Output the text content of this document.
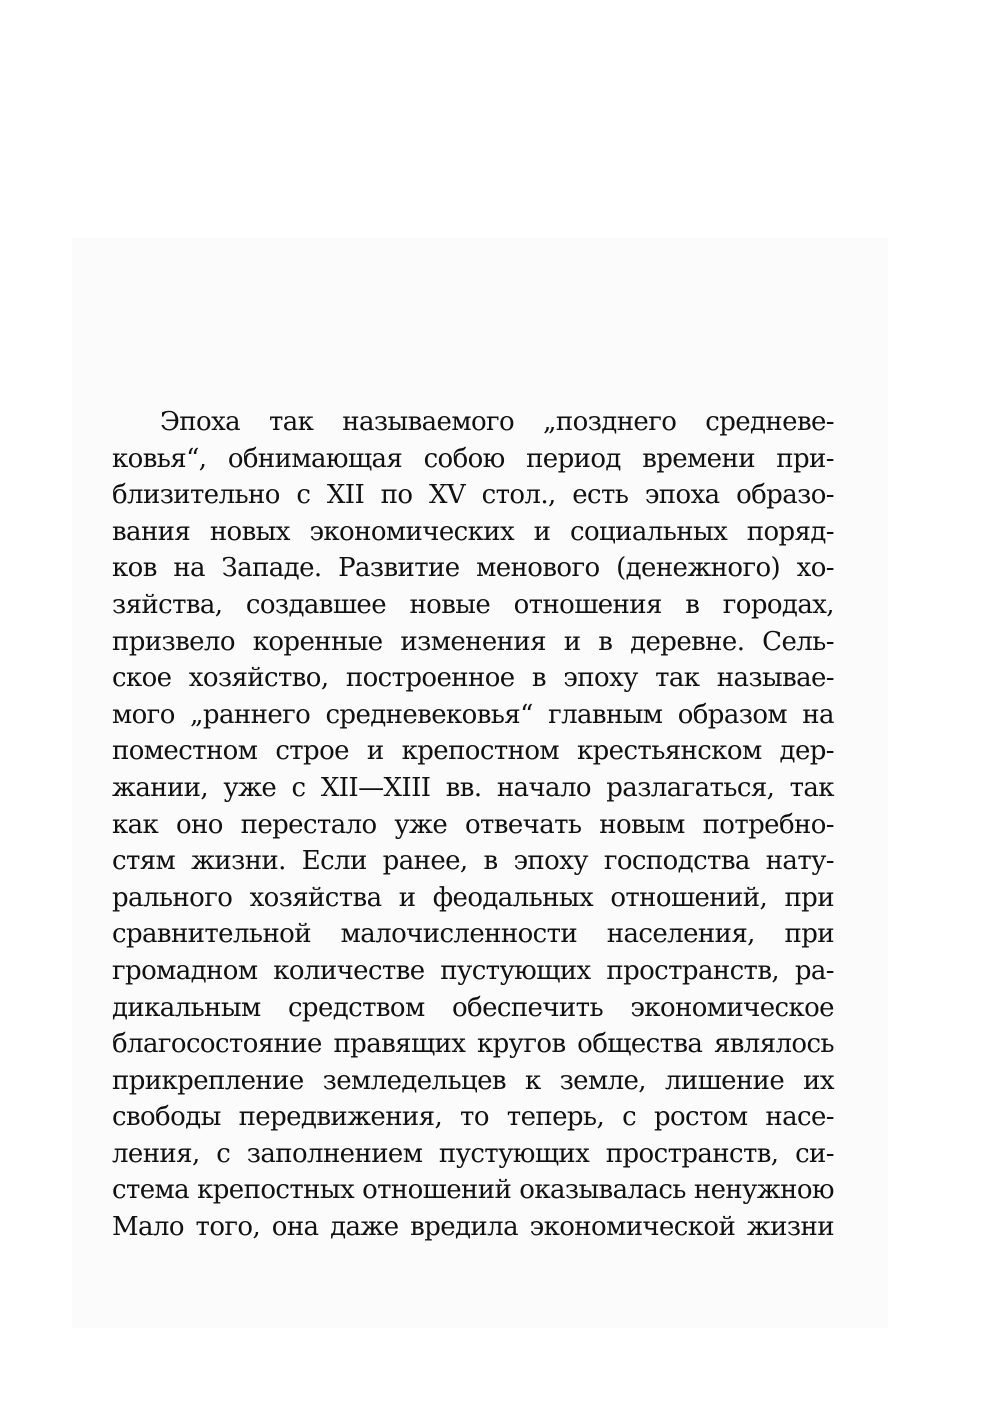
Эпоха так называемого „позднего средневе-
ковья“, обнимающая собою период времени при-
близительно с XII по XV стол., есть эпоха образо-
вания новых экономических и социальных поряд-
ков на Западе. Развитие менового (денежного) хо-
зяйства, создавшее новые отношения в городах,
призвело коренные изменения и в деревне. Сель-
ское хозяйство, построенное в эпоху так называе-
мого „раннего средневековья“ главным образом на
поместном строе и крепостном крестьянском дер-
жании, уже с XII—XIII вв. начало разлагаться, так
как оно перестало уже отвечать новым потребно-
стям жизни. Если ранее, в эпоху господства нату-
рального хозяйства и феодальных отношений, при
сравнительной малочисленности населения, при
громадном количестве пустующих пространств, ра-
дикальным средством обеспечить экономическое
благосостояние правящих кругов общества являлось
прикрепление земледельцев к земле, лишение их
свободы передвижения, то теперь, с ростом насе-
ления, с заполнением пустующих пространств, си-
стема крепостных отношений оказывалась ненужною
Мало того, она даже вредила экономической жизни
